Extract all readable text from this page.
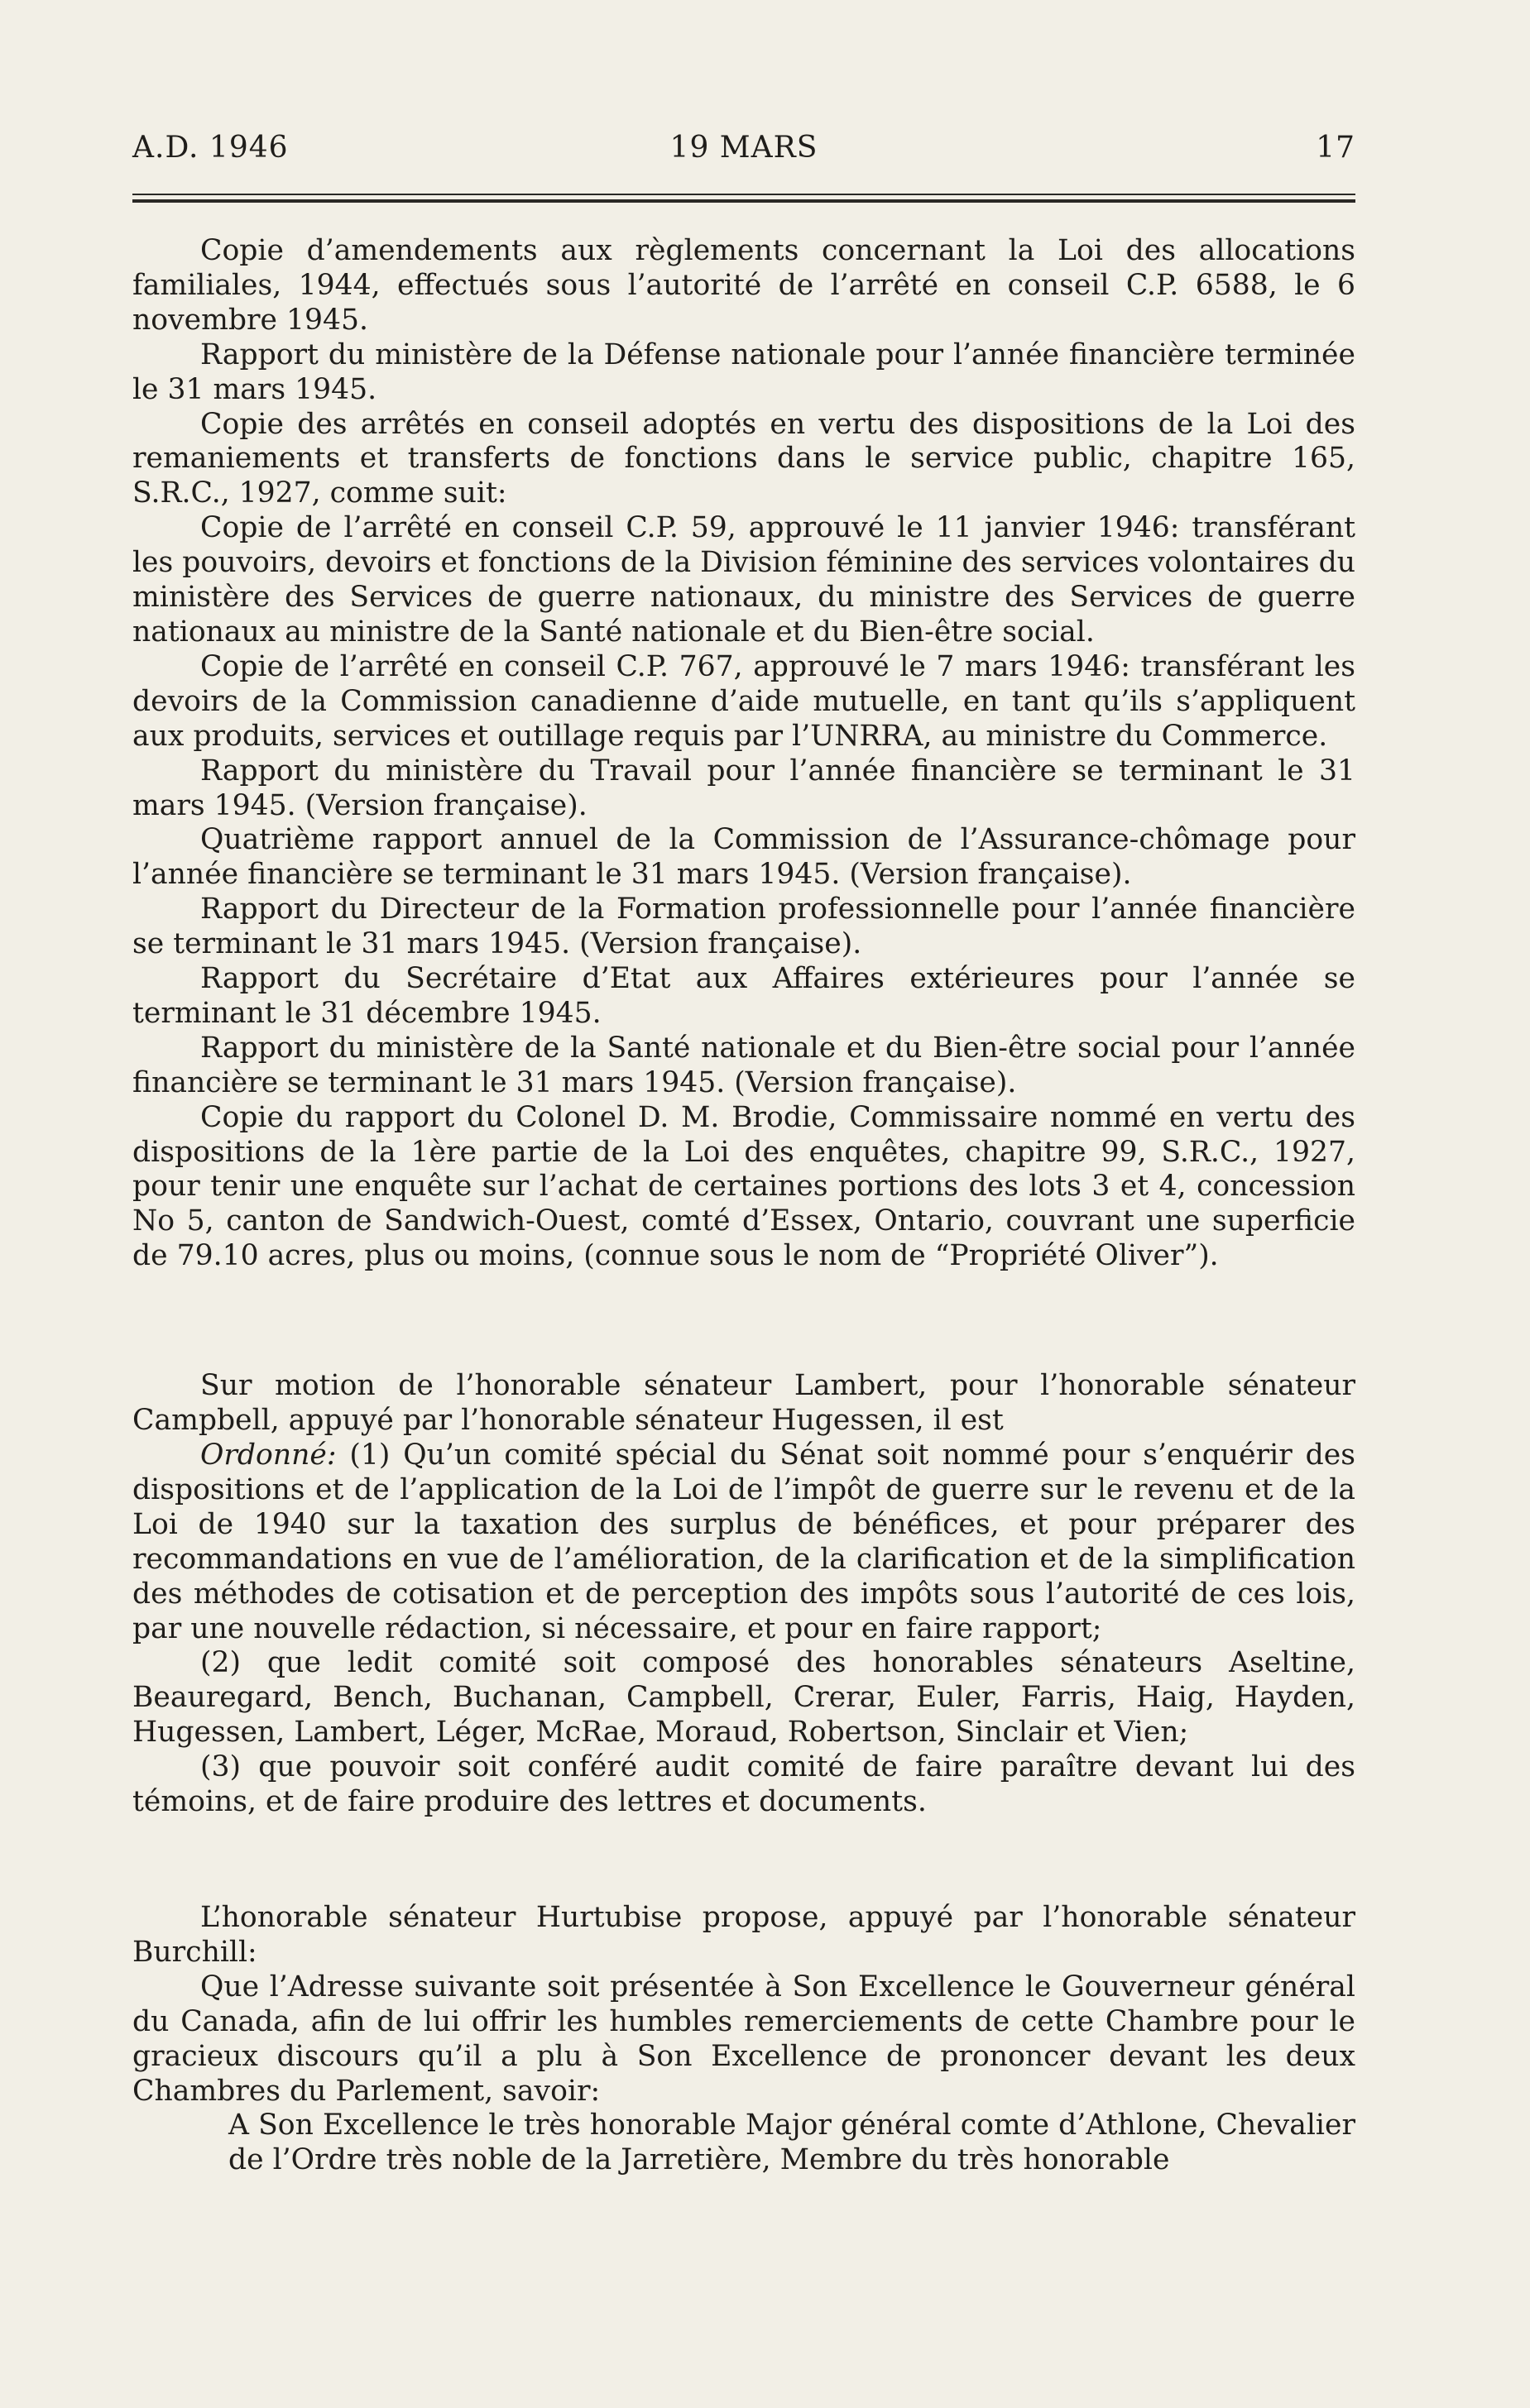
A.D. 1946	19 MARS	17

Copie d’amendements aux règlements concernant la Loi des allocations familiales, 1944, effectués sous l’autorité de l’arrêté en conseil C.P. 6588, le 6 novembre 1945.

Rapport du ministère de la Défense nationale pour l’année financière terminée le 31 mars 1945.

Copie des arrêtés en conseil adoptés en vertu des dispositions de la Loi des remaniements et transferts de fonctions dans le service public, chapitre 165, S.R.C., 1927, comme suit:

Copie de l’arrêté en conseil C.P. 59, approuvé le 11 janvier 1946: transférant les pouvoirs, devoirs et fonctions de la Division féminine des services volontaires du ministère des Services de guerre nationaux, du ministre des Services de guerre nationaux au ministre de la Santé nationale et du Bien-être social.

Copie de l’arrêté en conseil C.P. 767, approuvé le 7 mars 1946: transférant les devoirs de la Commission canadienne d’aide mutuelle, en tant qu’ils s’appliquent aux produits, services et outillage requis par l’UNRRA, au ministre du Commerce.

Rapport du ministère du Travail pour l’année financière se terminant le 31 mars 1945. (Version française).

Quatrième rapport annuel de la Commission de l’Assurance-chômage pour l’année financière se terminant le 31 mars 1945. (Version française).

Rapport du Directeur de la Formation professionnelle pour l’année financière se terminant le 31 mars 1945. (Version française).

Rapport du Secrétaire d’Etat aux Affaires extérieures pour l’année se terminant le 31 décembre 1945.

Rapport du ministère de la Santé nationale et du Bien-être social pour l’année financière se terminant le 31 mars 1945. (Version française).

Copie du rapport du Colonel D. M. Brodie, Commissaire nommé en vertu des dispositions de la 1ère partie de la Loi des enquêtes, chapitre 99, S.R.C., 1927, pour tenir une enquête sur l’achat de certaines portions des lots 3 et 4, concession No 5, canton de Sandwich-Ouest, comté d’Essex, Ontario, couvrant une superficie de 79.10 acres, plus ou moins, (connue sous le nom de “Propriété Oliver”).

Sur motion de l’honorable sénateur Lambert, pour l’honorable sénateur Campbell, appuyé par l’honorable sénateur Hugessen, il est

Ordonné: (1) Qu’un comité spécial du Sénat soit nommé pour s’enquérir des dispositions et de l’application de la Loi de l’impôt de guerre sur le revenu et de la Loi de 1940 sur la taxation des surplus de bénéfices, et pour préparer des recommandations en vue de l’amélioration, de la clarification et de la simplification des méthodes de cotisation et de perception des impôts sous l’autorité de ces lois, par une nouvelle rédaction, si nécessaire, et pour en faire rapport;

(2) que ledit comité soit composé des honorables sénateurs Aseltine, Beauregard, Bench, Buchanan, Campbell, Crerar, Euler, Farris, Haig, Hayden, Hugessen, Lambert, Léger, McRae, Moraud, Robertson, Sinclair et Vien;

(3) que pouvoir soit conféré audit comité de faire paraître devant lui des témoins, et de faire produire des lettres et documents.

L’honorable sénateur Hurtubise propose, appuyé par l’honorable sénateur Burchill:

Que l’Adresse suivante soit présentée à Son Excellence le Gouverneur général du Canada, afin de lui offrir les humbles remerciements de cette Chambre pour le gracieux discours qu’il a plu à Son Excellence de prononcer devant les deux Chambres du Parlement, savoir:

A Son Excellence le très honorable Major général comte d’Athlone, Chevalier de l’Ordre très noble de la Jarretière, Membre du très honorable
